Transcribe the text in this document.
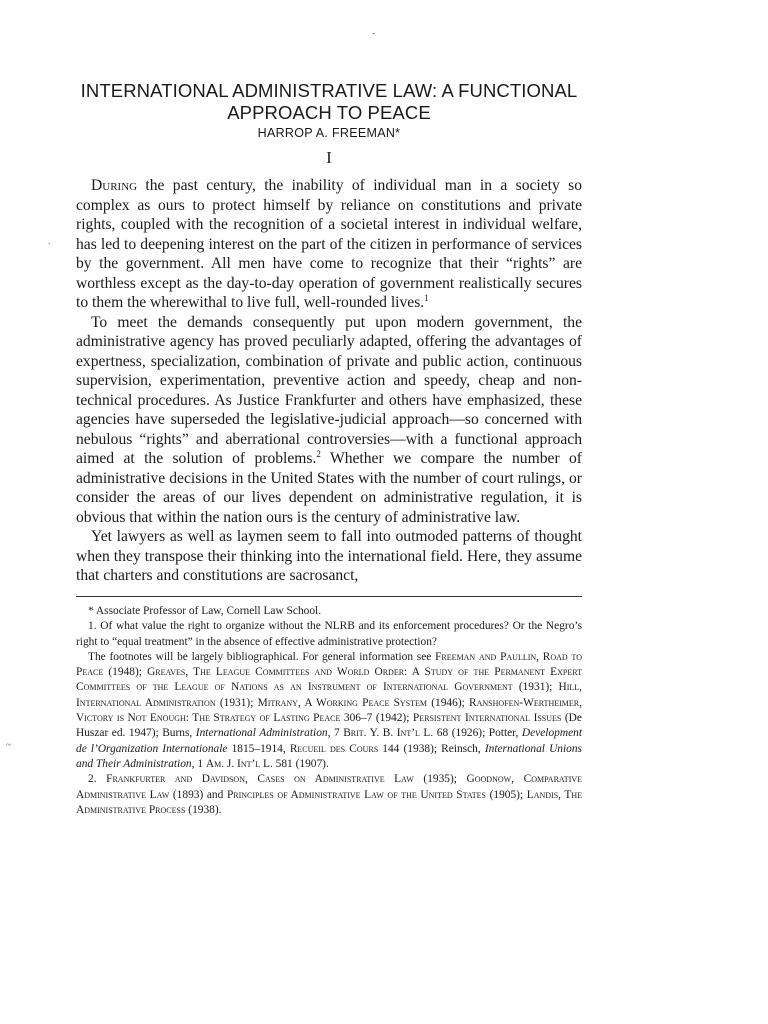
-
.
~
INTERNATIONAL ADMINISTRATIVE LAW: A FUNCTIONAL
APPROACH TO PEACE
HARROP A. FREEMAN*
I

During the past century, the inability of individual man in a society so complex as ours to protect himself by reliance on constitutions and private rights, coupled with the recognition of a societal interest in individual welfare, has led to deepening interest on the part of the citizen in performance of services by the government. All men have come to recognize that their “rights” are worthless except as the day-to-day operation of government realistically secures to them the wherewithal to live full, well-rounded lives.$^1$

To meet the demands consequently put upon modern government, the administrative agency has proved peculiarly adapted, offering the advantages of expertness, specialization, combination of private and public action, continuous supervision, experimentation, preventive action and speedy, cheap and non-technical procedures. As Justice Frankfurter and others have emphasized, these agencies have superseded the legislative-judicial approach—so concerned with nebulous “rights” and aberrational controversies—with a functional approach aimed at the solution of problems.$^2$ Whether we compare the number of administrative decisions in the United States with the number of court rulings, or consider the areas of our lives dependent on administrative regulation, it is obvious that within the nation ours is the century of administrative law.

Yet lawyers as well as laymen seem to fall into outmoded patterns of thought when they transpose their thinking into the international field. Here, they assume that charters and constitutions are sacrosanct,

* Associate Professor of Law, Cornell Law School.

1. Of what value the right to organize without the NLRB and its enforcement procedures? Or the Negro’s right to “equal treatment” in the absence of effective administrative protection?

The footnotes will be largely bibliographical. For general information see Freeman and Paullin, Road to Peace (1948); Greaves, The League Committees and World Order: A Study of the Permanent Expert Committees of the League of Nations as an Instrument of International Government (1931); Hill, International Administration (1931); Mitrany, A Working Peace System (1946); Ranshofen-Wertheimer, Victory is Not Enough: The Strategy of Lasting Peace 306–7 (1942); Persistent International Issues (De Huszar ed. 1947); Burns, International Administration, 7 Brit. Y. B. Int’l L. 68 (1926); Potter, Development de l’Organization Internationale 1815–1914, Recueil des Cours 144 (1938); Reinsch, International Unions and Their Administration, 1 Am. J. Int’l L. 581 (1907).

2. Frankfurter and Davidson, Cases on Administrative Law (1935); Goodnow, Comparative Administrative Law (1893) and Principles of Administrative Law of the United States (1905); Landis, The Administrative Process (1938).
